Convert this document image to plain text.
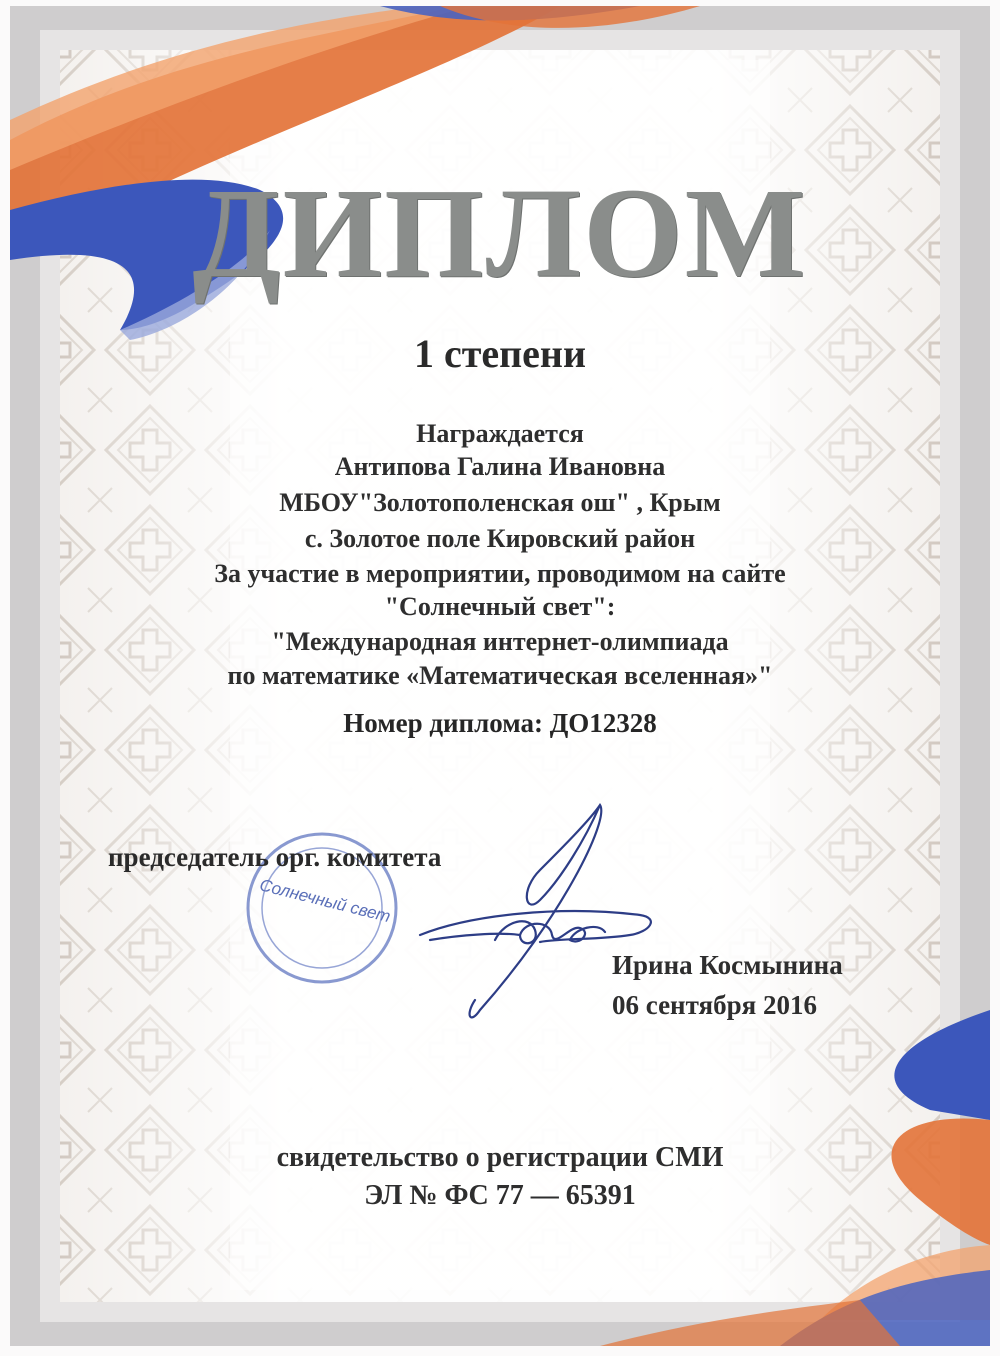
ДИПЛОМ
1 степени
Награждается
Антипова Галина Ивановна
МБОУ"Золотополенская ош" , Крым
с. Золотое поле Кировский район
За участие в мероприятии, проводимом на сайте
"Солнечный свет":
"Международная интернет-олимпиада
по математике «Математическая вселенная»"
Номер диплома: ДО12328
председатель орг. комитета
Солнечный свет
Ирина Космынина
06 сентября 2016
свидетельство о регистрации СМИ
ЭЛ № ФС 77 — 65391
